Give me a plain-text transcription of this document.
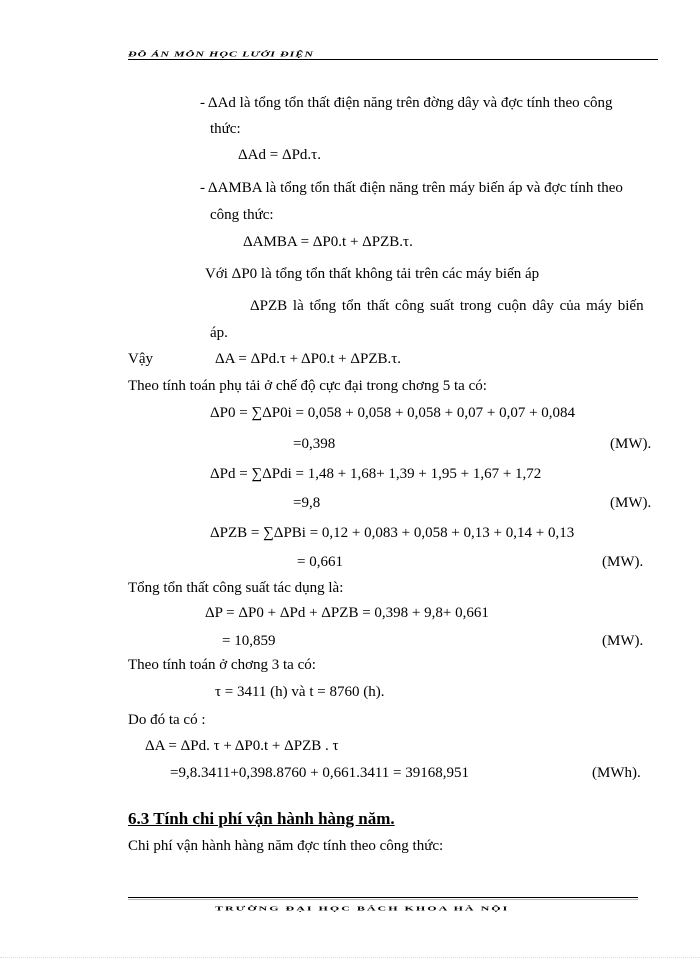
ĐỒ ÁN MÔN HỌC LƯỚI ĐIỆN
- ΔAd là tổng tổn thất điện năng trên đờng dây và đợc tính theo công
thức:
ΔAd = ΔPd.τ.
- ΔAMBA là tổng tổn thất điện năng trên máy biến áp và đợc tính theo
công thức:
ΔAMBA = ΔP0.t + ΔPZB.τ.
Với ΔP0 là tổng tổn thất không tải trên các máy biến áp
ΔPZB là tổng tổn thất công suất trong cuộn dây của máy biến
áp.
Vậy	ΔA = ΔPd.τ + ΔP0.t + ΔPZB.τ.
Theo tính toán phụ tải ở chế độ cực đại trong chơng 5 ta có:
ΔP0 = ∑ΔP0i = 0,058 + 0,058 + 0,058 + 0,07 + 0,07 + 0,084
=0,398	(MW).
ΔPd = ∑ΔPdi = 1,48 + 1,68+ 1,39 + 1,95 + 1,67 + 1,72
=9,8	(MW).
ΔPZB = ∑ΔPBi = 0,12 + 0,083 + 0,058 + 0,13 + 0,14 + 0,13
= 0,661	(MW).
Tổng tổn thất công suất tác dụng là:
ΔP = ΔP0 + ΔPd + ΔPZB = 0,398 + 9,8+ 0,661
= 10,859	(MW).
Theo tính toán ở chơng 3 ta có:
τ = 3411 (h) và t = 8760 (h).
Do đó ta có :
ΔA = ΔPd. τ + ΔP0.t + ΔPZB . τ
=9,8.3411+0,398.8760 + 0,661.3411 = 39168,951	(MWh).
6.3 Tính chi phí vận hành hàng năm.
Chi phí vận hành hàng năm đợc tính theo công thức:
TRƯỜNG ĐẠI HỌC BÁCH KHOA HÀ NỘI
